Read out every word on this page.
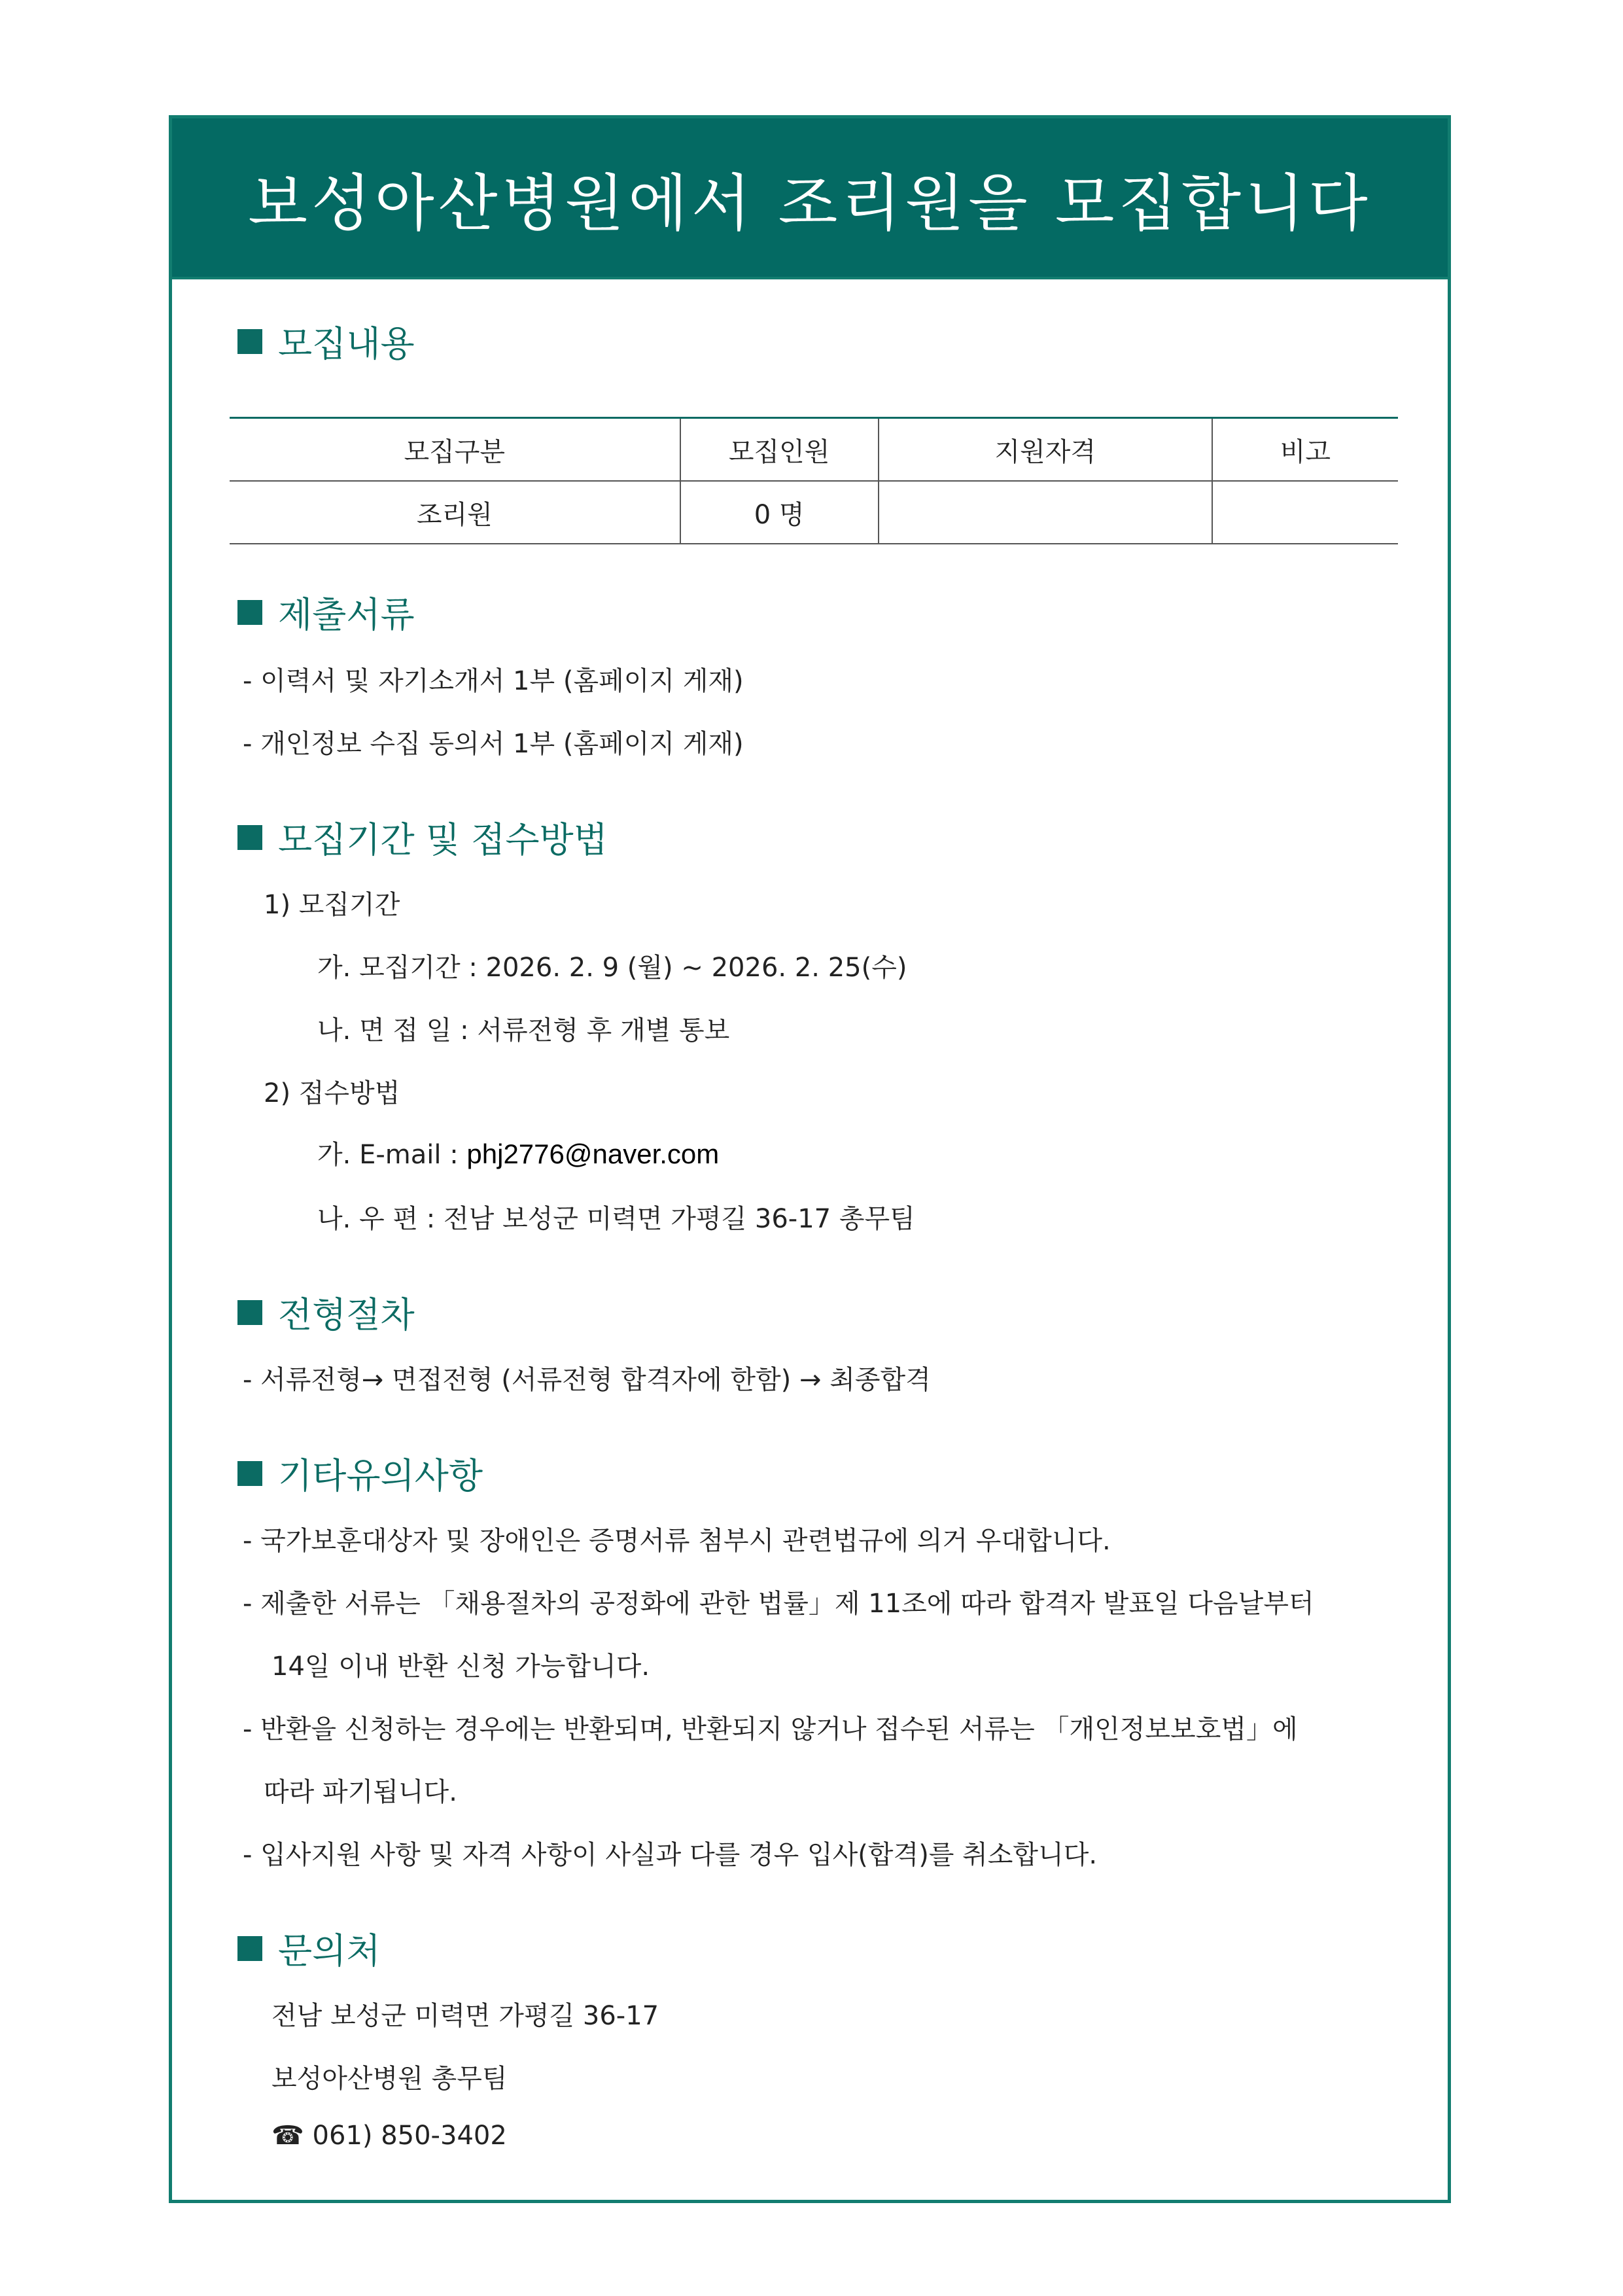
보성아산병원에서 조리원을 모집합니다
모집내용
모집구분	모집인원	지원자격	비고
조리원	0 명		
제출서류
- 이력서 및 자기소개서 1부 (홈페이지 게재)
- 개인정보 수집 동의서 1부 (홈페이지 게재)
모집기간 및 접수방법
1) 모집기간
가. 모집기간 : 2026. 2. 9 (월) ~ 2026. 2. 25(수)
나. 면 접 일 : 서류전형 후 개별 통보
2) 접수방법
가. E-mail : phj2776@naver.com
나. 우 편 : 전남 보성군 미력면 가평길 36-17 총무팀
전형절차
- 서류전형→ 면접전형 (서류전형 합격자에 한함) → 최종합격
기타유의사항
- 국가보훈대상자 및 장애인은 증명서류 첨부시 관련법규에 의거 우대합니다.
- 제출한 서류는 「채용절차의 공정화에 관한 법률」제 11조에 따라 합격자 발표일 다음날부터
14일 이내 반환 신청 가능합니다.
- 반환을 신청하는 경우에는 반환되며, 반환되지 않거나 접수된 서류는 「개인정보보호법」에
따라 파기됩니다.
- 입사지원 사항 및 자격 사항이 사실과 다를 경우 입사(합격)를 취소합니다.
문의처
전남 보성군 미력면 가평길 36-17
보성아산병원 총무팀
☎ 061) 850-3402
